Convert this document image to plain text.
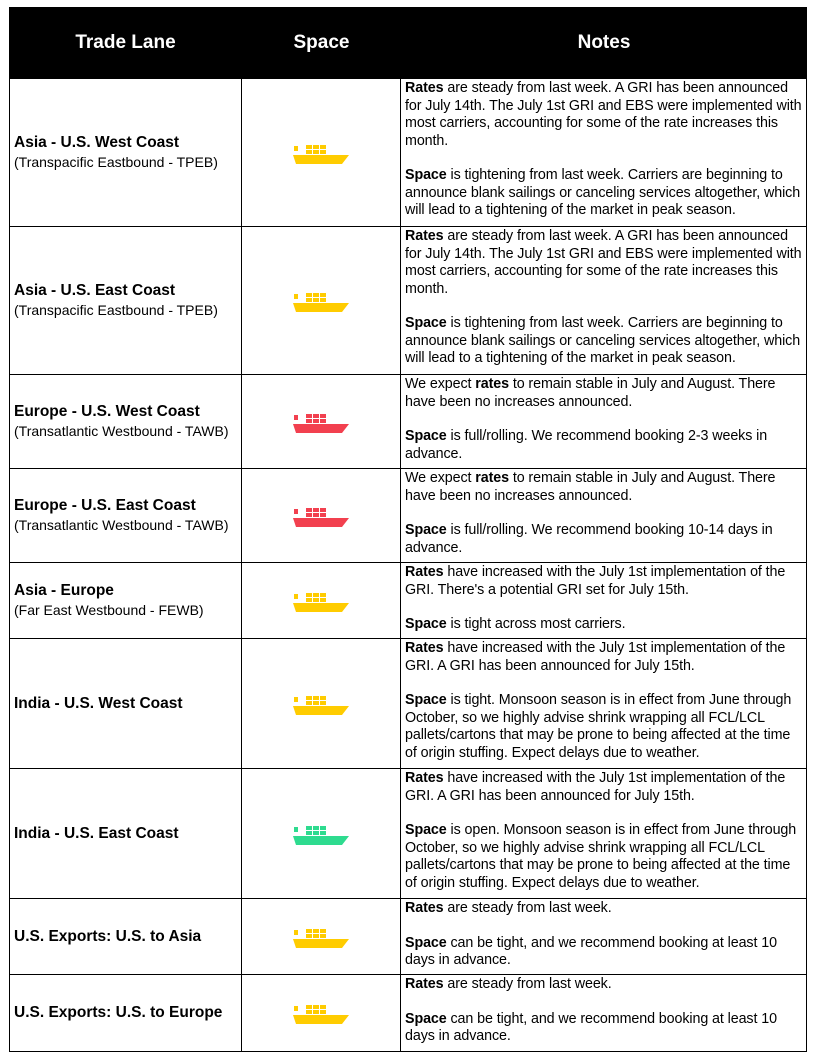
Trade Lane	Space	Notes
Asia - U.S. West Coast
(Transpacific Eastbound - TPEB)

Rates are steady from last week. A GRI has been announced for July 14th. The July 1st GRI and EBS were implemented with most carriers, accounting for some of the rate increases this month.

Space is tightening from last week. Carriers are beginning to announce blank sailings or canceling services altogether, which will lead to a tightening of the market in peak season.

Asia - U.S. East Coast
(Transpacific Eastbound - TPEB)

Rates are steady from last week. A GRI has been announced for July 14th. The July 1st GRI and EBS were implemented with most carriers, accounting for some of the rate increases this month.

Space is tightening from last week. Carriers are beginning to announce blank sailings or canceling services altogether, which will lead to a tightening of the market in peak season.

Europe - U.S. West Coast
(Transatlantic Westbound - TAWB)

We expect rates to remain stable in July and August. There have been no increases announced.

Space is full/rolling. We recommend booking 2-3 weeks in advance.

Europe - U.S. East Coast
(Transatlantic Westbound - TAWB)

We expect rates to remain stable in July and August. There have been no increases announced.

Space is full/rolling. We recommend booking 10-14 days in advance.

Asia - Europe
(Far East Westbound - FEWB)

Rates have increased with the July 1st implementation of the GRI. There's a potential GRI set for July 15th.

Space is tight across most carriers.

India - U.S. West Coast

Rates have increased with the July 1st implementation of the GRI. A GRI has been announced for July 15th.

Space is tight. Monsoon season is in effect from June through October, so we highly advise shrink wrapping all FCL/LCL pallets/cartons that may be prone to being affected at the time of origin stuffing. Expect delays due to weather.

India - U.S. East Coast

Rates have increased with the July 1st implementation of the GRI. A GRI has been announced for July 15th.

Space is open. Monsoon season is in effect from June through October, so we highly advise shrink wrapping all FCL/LCL pallets/cartons that may be prone to being affected at the time of origin stuffing. Expect delays due to weather.

U.S. Exports: U.S. to Asia

Rates are steady from last week.

Space can be tight, and we recommend booking at least 10 days in advance.

U.S. Exports: U.S. to Europe

Rates are steady from last week.

Space can be tight, and we recommend booking at least 10 days in advance.
